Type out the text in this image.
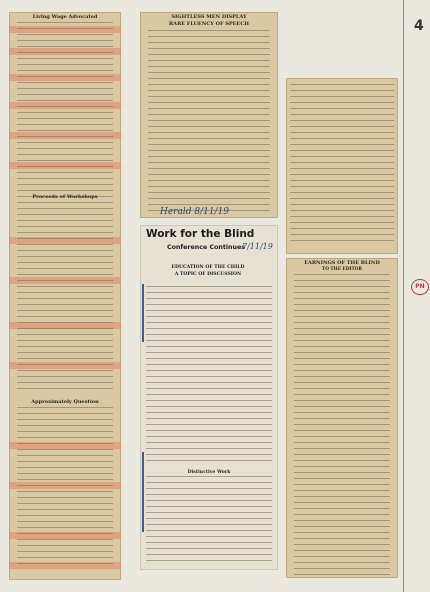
4
Living Wage Advocated
Proceeds of Workshops
Approximately Question
SIGHTLESS MEN DISPLAY
RARE FLUENCY OF SPEECH
Herald 8/11/19
Work for the Blind
7/11/19
Conference Continues
EDUCATION OF THE CHILD
A TOPIC OF DISCUSSION
Distinctive Work
EARNINGS OF THE BLIND
TO THE EDITOR
PN
